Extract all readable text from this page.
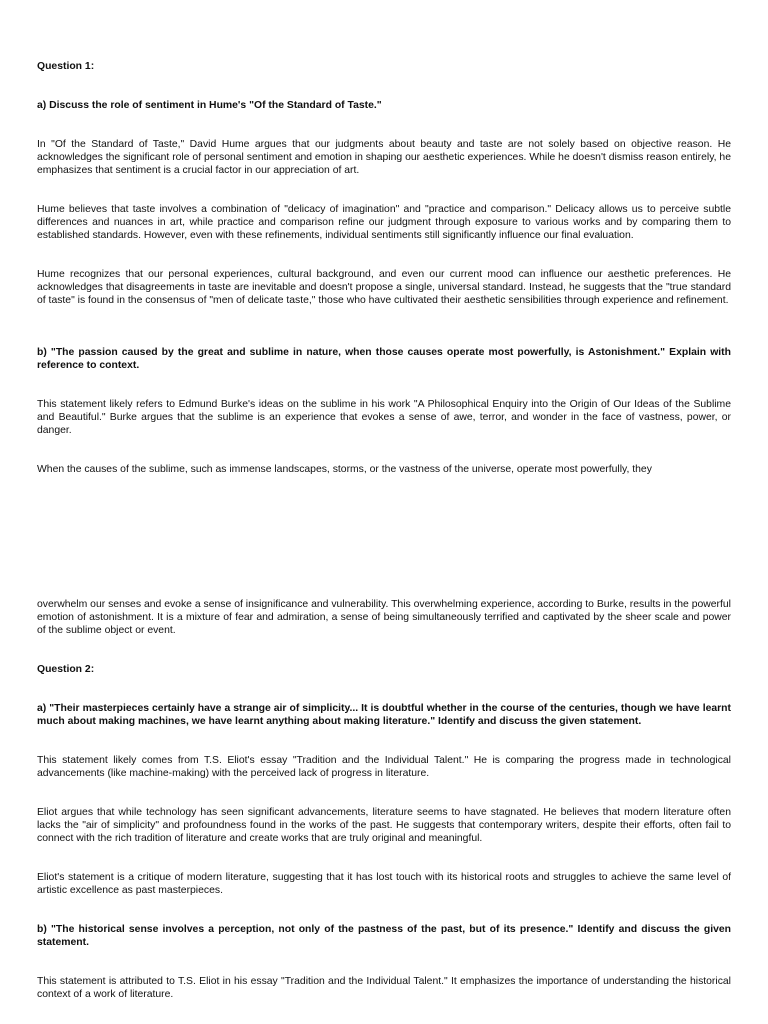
Question 1:

a) Discuss the role of sentiment in Hume's "Of the Standard of Taste."

In "Of the Standard of Taste," David Hume argues that our judgments about beauty and taste are not solely based on objective reason. He acknowledges the significant role of personal sentiment and emotion in shaping our aesthetic experiences. While he doesn't dismiss reason entirely, he emphasizes that sentiment is a crucial factor in our appreciation of art.

Hume believes that taste involves a combination of "delicacy of imagination" and "practice and comparison." Delicacy allows us to perceive subtle differences and nuances in art, while practice and comparison refine our judgment through exposure to various works and by comparing them to established standards. However, even with these refinements, individual sentiments still significantly influence our final evaluation.

Hume recognizes that our personal experiences, cultural background, and even our current mood can influence our aesthetic preferences. He acknowledges that disagreements in taste are inevitable and doesn't propose a single, universal standard. Instead, he suggests that the "true standard of taste" is found in the consensus of "men of delicate taste," those who have cultivated their aesthetic sensibilities through experience and refinement.

b) "The passion caused by the great and sublime in nature, when those causes operate most powerfully, is Astonishment." Explain with reference to context.

This statement likely refers to Edmund Burke's ideas on the sublime in his work "A Philosophical Enquiry into the Origin of Our Ideas of the Sublime and Beautiful." Burke argues that the sublime is an experience that evokes a sense of awe, terror, and wonder in the face of vastness, power, or danger.

When the causes of the sublime, such as immense landscapes, storms, or the vastness of the universe, operate most powerfully, they

overwhelm our senses and evoke a sense of insignificance and vulnerability. This overwhelming experience, according to Burke, results in the powerful emotion of astonishment. It is a mixture of fear and admiration, a sense of being simultaneously terrified and captivated by the sheer scale and power of the sublime object or event.

Question 2:

a) "Their masterpieces certainly have a strange air of simplicity... It is doubtful whether in the course of the centuries, though we have learnt much about making machines, we have learnt anything about making literature." Identify and discuss the given statement.

This statement likely comes from T.S. Eliot's essay "Tradition and the Individual Talent." He is comparing the progress made in technological advancements (like machine-making) with the perceived lack of progress in literature.

Eliot argues that while technology has seen significant advancements, literature seems to have stagnated. He believes that modern literature often lacks the "air of simplicity" and profoundness found in the works of the past. He suggests that contemporary writers, despite their efforts, often fail to connect with the rich tradition of literature and create works that are truly original and meaningful.

Eliot's statement is a critique of modern literature, suggesting that it has lost touch with its historical roots and struggles to achieve the same level of artistic excellence as past masterpieces.

b) "The historical sense involves a perception, not only of the pastness of the past, but of its presence." Identify and discuss the given statement.

This statement is attributed to T.S. Eliot in his essay "Tradition and the Individual Talent." It emphasizes the importance of understanding the historical context of a work of literature.
